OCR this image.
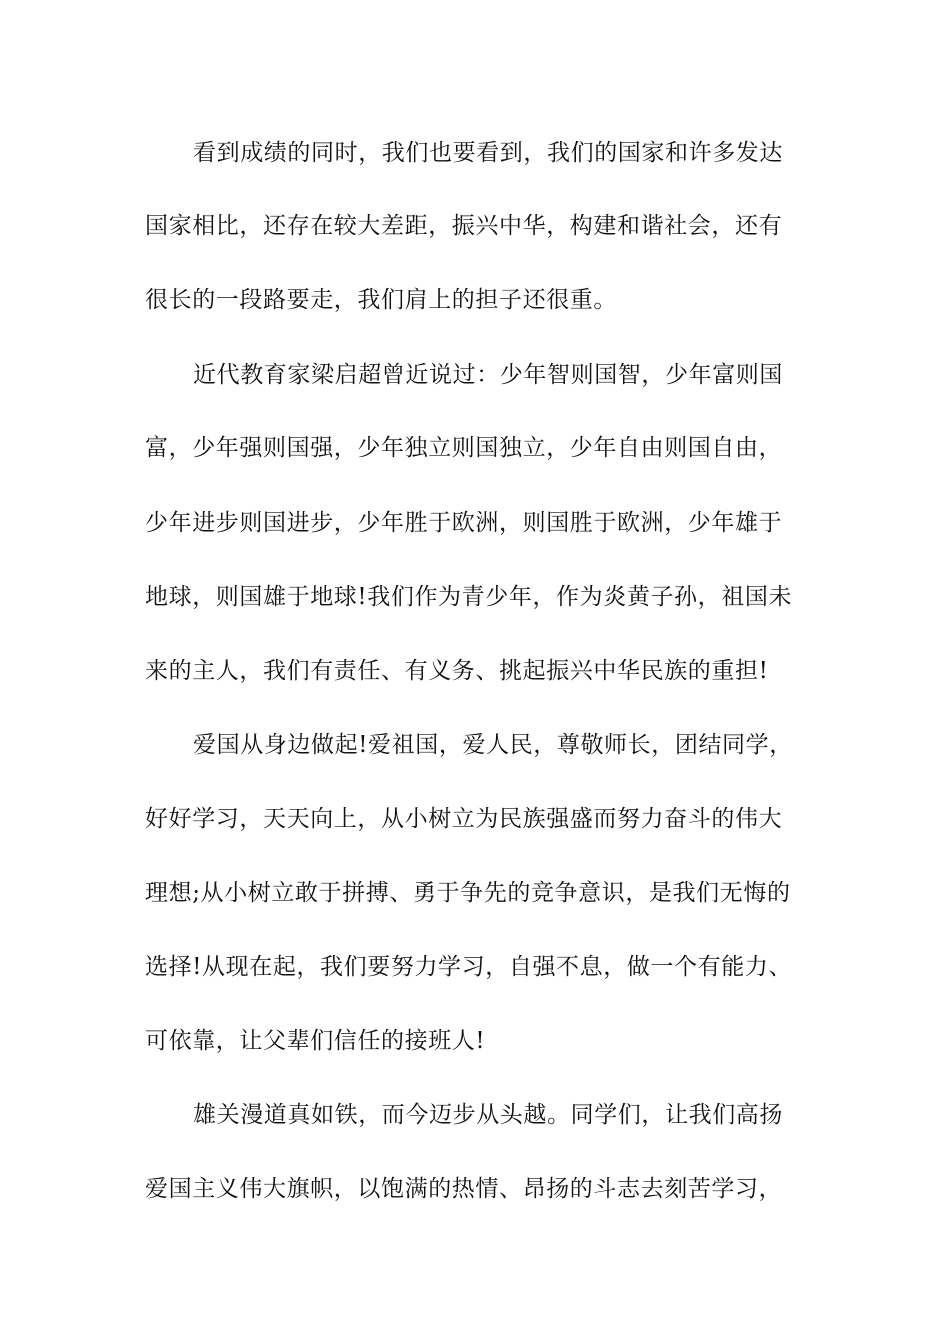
看到成绩的同时，我们也要看到，我们的国家和许多发达
国家相比，还存在较大差距，振兴中华，构建和谐社会，还有
很长的一段路要走，我们肩上的担子还很重。
近代教育家梁启超曾近说过：少年智则国智，少年富则国
富，少年强则国强，少年独立则国独立，少年自由则国自由，
少年进步则国进步，少年胜于欧洲，则国胜于欧洲，少年雄于
地球，则国雄于地球!我们作为青少年，作为炎黄子孙，祖国未
来的主人，我们有责任、有义务、挑起振兴中华民族的重担!
爱国从身边做起!爱祖国，爱人民，尊敬师长，团结同学，
好好学习，天天向上，从小树立为民族强盛而努力奋斗的伟大
理想;从小树立敢于拼搏、勇于争先的竞争意识，是我们无悔的
选择!从现在起，我们要努力学习，自强不息，做一个有能力、
可依靠，让父辈们信任的接班人!
雄关漫道真如铁，而今迈步从头越。同学们，让我们高扬
爱国主义伟大旗帜，以饱满的热情、昂扬的斗志去刻苦学习，
